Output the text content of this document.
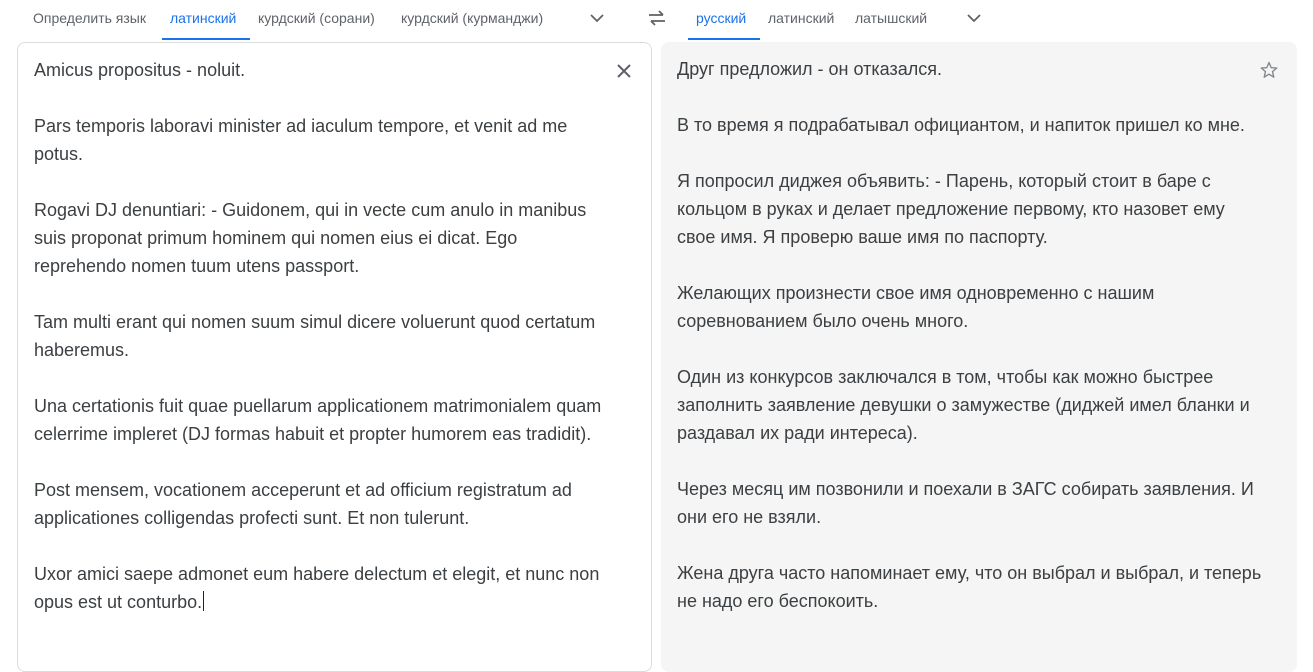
Определить язык	латинский	курдский (сорани) курдский (курманджи)	русский	латинский латышский
Amicus propositus - noluit.
Pars temporis laboravi minister ad iaculum tempore, et venit ad me potus.
Rogavi DJ denuntiari: - Guidonem, qui in vecte cum anulo in manibus suis proponat primum hominem qui nomen eius ei dicat. Ego reprehendo nomen tuum utens passport.
Tam multi erant qui nomen suum simul dicere voluerunt quod certatum haberemus.
Una certationis fuit quae puellarum applicationem matrimonialem quam celerrime impleret (DJ formas habuit et propter humorem eas tradidit).
Post mensem, vocationem acceperunt et ad officium registratum ad applicationes colligendas profecti sunt. Et non tulerunt.
Uxor amici saepe admonet eum habere delectum et elegit, et nunc non opus est ut conturbo.
Друг предложил - он отказался.
В то время я подрабатывал официантом, и напиток пришел ко мне.
Я попросил диджея объявить: - Парень, который стоит в баре с кольцом в руках и делает предложение первому, кто назовет ему свое имя. Я проверю ваше имя по паспорту.
Желающих произнести свое имя одновременно с нашим соревнованием было очень много.
Один из конкурсов заключался в том, чтобы как можно быстрее заполнить заявление девушки о замужестве (диджей имел бланки и раздавал их ради интереса).
Через месяц им позвонили и поехали в ЗАГС собирать заявления. И они его не взяли.
Жена друга часто напоминает ему, что он выбрал и выбрал, и теперь не надо его беспокоить.
